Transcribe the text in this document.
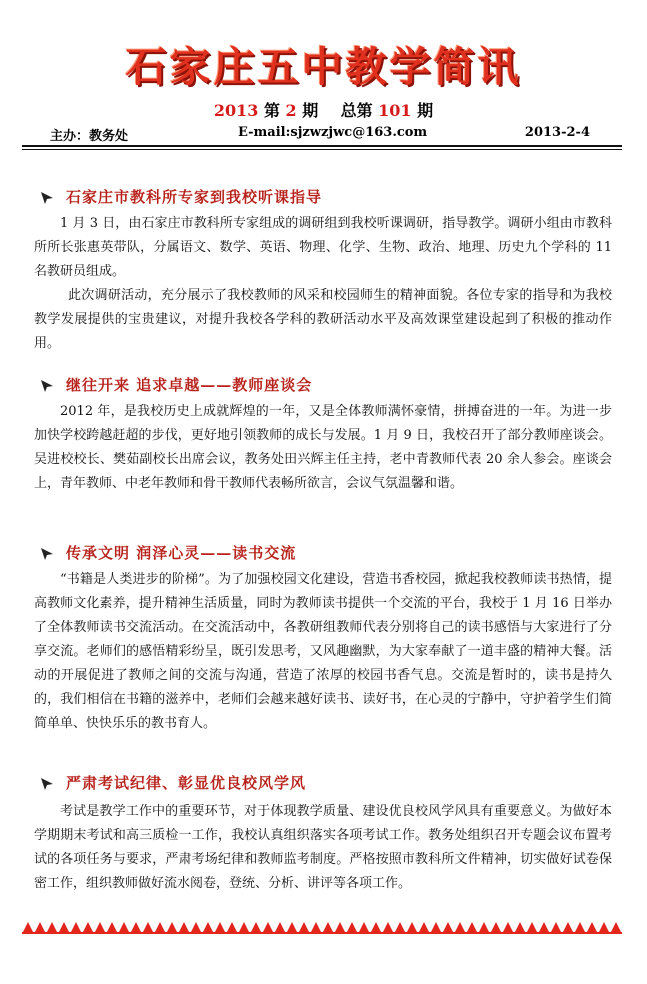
石家庄五中教学简讯
2013 第 2 期 总第 101 期
主办：教务处	E-mail:sjzwzjwc@163.com	2013-2-4
石家庄市教科所专家到我校听课指导

1 月 3 日，由石家庄市教科所专家组成的调研组到我校听课调研，指导教学。调研小组由市教科所所长张惠英带队，分属语文、数学、英语、物理、化学、生物、政治、地理、历史九个学科的 11 名教研员组成。

此次调研活动，充分展示了我校教师的风采和校园师生的精神面貌。各位专家的指导和为我校教学发展提供的宝贵建议，对提升我校各学科的教研活动水平及高效课堂建设起到了积极的推动作用。

继往开来 追求卓越——教师座谈会

2012 年，是我校历史上成就辉煌的一年，又是全体教师满怀豪情，拼搏奋进的一年。为进一步加快学校跨越赶超的步伐，更好地引领教师的成长与发展。1 月 9 日，我校召开了部分教师座谈会。吴进校校长、樊茹副校长出席会议，教务处田兴辉主任主持，老中青教师代表 20 余人参会。座谈会上，青年教师、中老年教师和骨干教师代表畅所欲言，会议气氛温馨和谐。

传承文明 润泽心灵——读书交流

“书籍是人类进步的阶梯”。为了加强校园文化建设，营造书香校园，掀起我校教师读书热情，提高教师文化素养，提升精神生活质量，同时为教师读书提供一个交流的平台，我校于 1 月 16 日举办了全体教师读书交流活动。在交流活动中，各教研组教师代表分别将自己的读书感悟与大家进行了分享交流。老师们的感悟精彩纷呈，既引发思考，又风趣幽默，为大家奉献了一道丰盛的精神大餐。活动的开展促进了教师之间的交流与沟通，营造了浓厚的校园书香气息。交流是暂时的，读书是持久的，我们相信在书籍的滋养中，老师们会越来越好读书、读好书，在心灵的宁静中，守护着学生们简简单单、快快乐乐的教书育人。

严肃考试纪律、彰显优良校风学风

考试是教学工作中的重要环节，对于体现教学质量、建设优良校风学风具有重要意义。为做好本学期期末考试和高三质检一工作，我校认真组织落实各项考试工作。教务处组织召开专题会议布置考试的各项任务与要求，严肃考场纪律和教师监考制度。严格按照市教科所文件精神，切实做好试卷保密工作，组织教师做好流水阅卷，登统、分析、讲评等各项工作。
